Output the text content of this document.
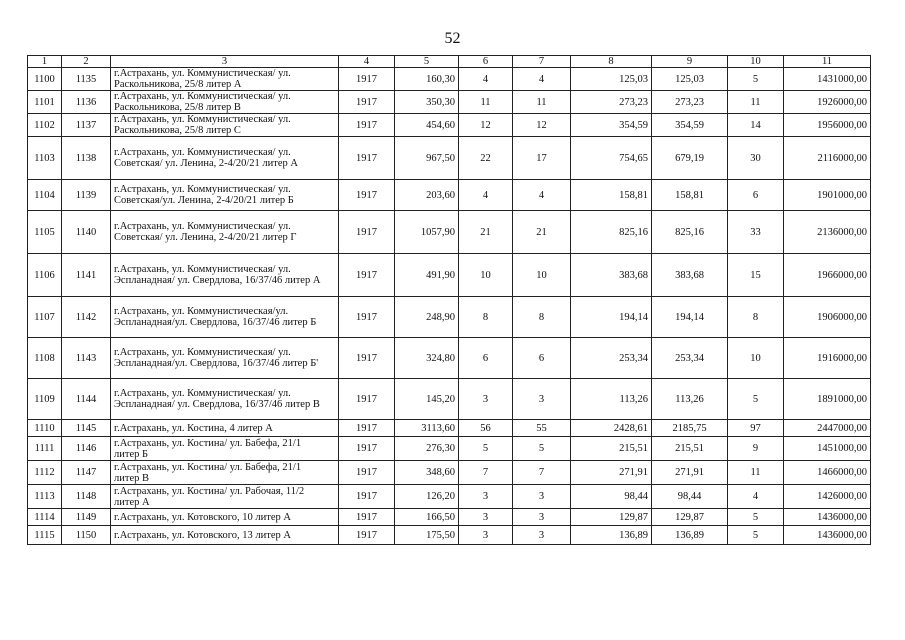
52
1	2	3	4	5	6	7	8	9	10	11
1100	1135	г.Астрахань, ул. Коммунистическая/ ул.
Раскольникова, 25/8 литер А	1917	160,30	4	4	125,03	125,03	5	1431000,00
1101	1136	г.Астрахань, ул. Коммунистическая/ ул.
Раскольникова, 25/8 литер В	1917	350,30	11	11	273,23	273,23	11	1926000,00
1102	1137	г.Астрахань, ул. Коммунистическая/ ул.
Раскольникова, 25/8 литер С	1917	454,60	12	12	354,59	354,59	14	1956000,00
1103	1138	г.Астрахань, ул. Коммунистическая/ ул.
Советская/ ул. Ленина, 2-4/20/21 литер А	1917	967,50	22	17	754,65	679,19	30	2116000,00
1104	1139	г.Астрахань, ул. Коммунистическая/ ул.
Советская/ул. Ленина, 2-4/20/21 литер Б	1917	203,60	4	4	158,81	158,81	6	1901000,00
1105	1140	г.Астрахань, ул. Коммунистическая/ ул.
Советская/ ул. Ленина, 2-4/20/21 литер Г	1917	1057,90	21	21	825,16	825,16	33	2136000,00
1106	1141	г.Астрахань, ул. Коммунистическая/ ул.
Эспланадная/ ул. Свердлова, 16/37/46 литер А	1917	491,90	10	10	383,68	383,68	15	1966000,00
1107	1142	г.Астрахань, ул. Коммунистическая/ул.
Эспланадная/ул. Свердлова, 16/37/46 литер Б	1917	248,90	8	8	194,14	194,14	8	1906000,00
1108	1143	г.Астрахань, ул. Коммунистическая/ ул.
Эспланадная/ул. Свердлова, 16/37/46 литер Б'	1917	324,80	6	6	253,34	253,34	10	1916000,00
1109	1144	г.Астрахань, ул. Коммунистическая/ ул.
Эспланадная/ ул. Свердлова, 16/37/46 литер В	1917	145,20	3	3	113,26	113,26	5	1891000,00
1110	1145	г.Астрахань, ул. Костина, 4 литер А	1917	3113,60	56	55	2428,61	2185,75	97	2447000,00
1111	1146	г.Астрахань, ул. Костина/ ул. Бабефа, 21/1
литер Б	1917	276,30	5	5	215,51	215,51	9	1451000,00
1112	1147	г.Астрахань, ул. Костина/ ул. Бабефа, 21/1
литер В	1917	348,60	7	7	271,91	271,91	11	1466000,00
1113	1148	г.Астрахань, ул. Костина/ ул. Рабочая, 11/2
литер А	1917	126,20	3	3	98,44	98,44	4	1426000,00
1114	1149	г.Астрахань, ул. Котовского, 10 литер А	1917	166,50	3	3	129,87	129,87	5	1436000,00
1115	1150	г.Астрахань, ул. Котовского, 13 литер А	1917	175,50	3	3	136,89	136,89	5	1436000,00
